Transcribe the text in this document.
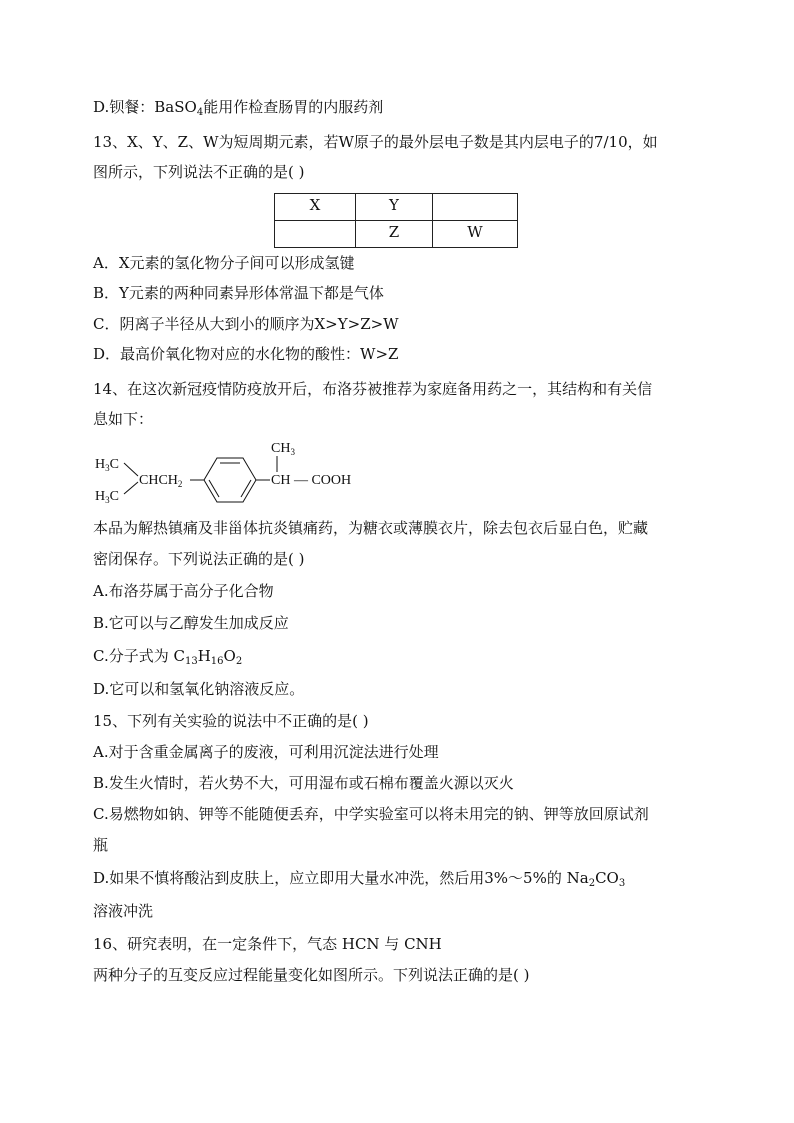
D.钡餐：BaSO$_4$能用作检查肠胃的内服药剂
13、X、Y、Z、W为短周期元素，若W原子的最外层电子数是其内层电子的7/10，如
图所示，下列说法不正确的是( )
X	Y	
	Z	W
A．X元素的氢化物分子间可以形成氢键
B．Y元素的两种同素异形体常温下都是气体
C．阴离子半径从大到小的顺序为X>Y>Z>W
D．最高价氧化物对应的水化物的酸性：W>Z
14、在这次新冠疫情防疫放开后，布洛芬被推荐为家庭备用药之一，其结构和有关信
息如下：
$CH_3$
$H_3C$
$H_3C$
$CHCH_2$	CH — COOH
本品为解热镇痛及非甾体抗炎镇痛药，为糖衣或薄膜衣片，除去包衣后显白色，贮藏
密闭保存。下列说法正确的是( )
A.布洛芬属于高分子化合物
B.它可以与乙醇发生加成反应
C.分子式为 $C_{13}H_{16}O_2$
D.它可以和氢氧化钠溶液反应。
15、下列有关实验的说法中不正确的是( )
A.对于含重金属离子的废液，可利用沉淀法进行处理
B.发生火情时，若火势不大，可用湿布或石棉布覆盖火源以灭火
C.易燃物如钠、钾等不能随便丢弃，中学实验室可以将未用完的钠、钾等放回原试剂
瓶
D.如果不慎将酸沾到皮肤上，应立即用大量水冲洗，然后用3%～5%的 $Na_2CO_3$
溶液冲洗
16、研究表明，在一定条件下，气态 HCN 与 CNH
两种分子的互变反应过程能量变化如图所示。下列说法正确的是( )
